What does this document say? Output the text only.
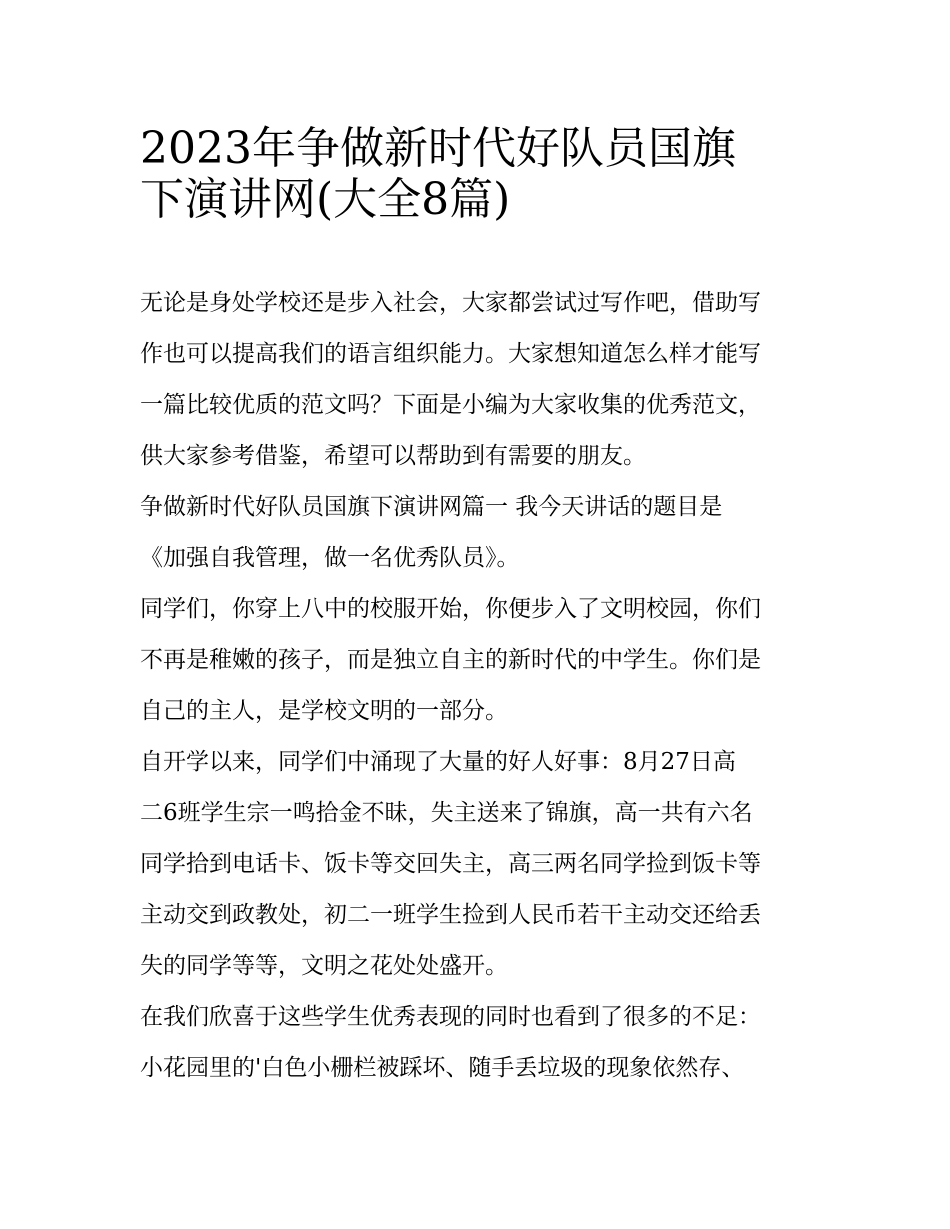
2023年争做新时代好队员国旗
下演讲网(大全8篇)
无论是身处学校还是步入社会，大家都尝试过写作吧，借助写
作也可以提高我们的语言组织能力。大家想知道怎么样才能写
一篇比较优质的范文吗？下面是小编为大家收集的优秀范文，
供大家参考借鉴，希望可以帮助到有需要的朋友。
争做新时代好队员国旗下演讲网篇一 我今天讲话的题目是
《加强自我管理，做一名优秀队员》。
同学们，你穿上八中的校服开始，你便步入了文明校园，你们
不再是稚嫩的孩子，而是独立自主的新时代的中学生。你们是
自己的主人，是学校文明的一部分。
自开学以来，同学们中涌现了大量的好人好事：8月27日高
二6班学生宗一鸣拾金不昧，失主送来了锦旗，高一共有六名
同学拾到电话卡、饭卡等交回失主，高三两名同学捡到饭卡等
主动交到政教处，初二一班学生捡到人民币若干主动交还给丢
失的同学等等，文明之花处处盛开。
在我们欣喜于这些学生优秀表现的同时也看到了很多的不足：
小花园里的'白色小栅栏被踩坏、随手丢垃圾的现象依然存、
